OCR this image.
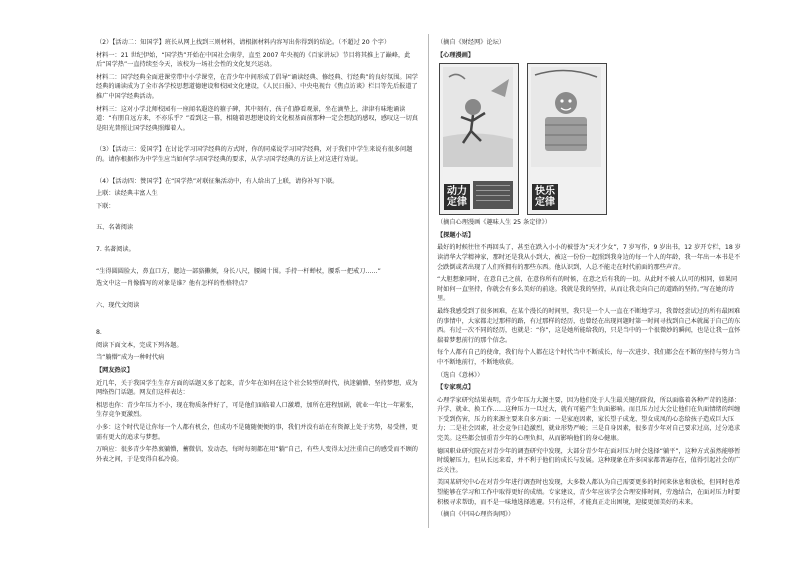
（2）【活动二：知国学】班长从网上找到三则材料，请根据材料内容写出你得到的结论。（不超过 20 个字）

材料一：21 世纪伊始，“国学热”开始在中国社会萌芽，直至 2007 年央视的《百家讲坛》节目将其推上了巅峰，此后“国学热”一直持续至今天，该校为一场社会性的文化复兴运动。

材料二：国学经典全面进课堂带中小学课堂，在青少年中间形成了倡导“诵读经典、修经典、行经典”的良好氛围。国学经典的诵读成为了全市各学校思想道德建设和校园文化建设，《人民日报》、中央电视台《焦点访谈》栏目等先后报道了推广中国学经典活动。

材料三：这对小学北师校园有一座闻名遐迩的箍子碑，其中刻有，孩子们静看观景，坐在滴垫上，津津有味地诵读道：“有朋自远方来，不亦乐乎？”看到这一幕，相随着思想建设的文化根基面前那种一定会想起的感叹，感叹这一切真是阳光普照让国学经典照耀着人。

（3）【活动三：爱国学】在讨论学习国学经典的方式时，你的同桌说学习国学经典，对于我们中学生来说有很多问题的。请你根据作为中学生应当如何学习国学经典的要求，从学习国学经典的方法上对这进行劝说。

（4）【活动四：赞国学】在“国学热”对联征集活动中，有人给出了上联，请你补写下联。

上联：读经典丰富人生

下联：

五、名著阅读

7. 名著阅读。

“生得圆圆脸大，鼻直口方，腮边一部貉獭须，身长八尺，腰阔十围。手持一杆蝉杖，腰系一把戒刀……”

选文中这一肖像描写的对象是谁？他有怎样的性格特点？

六、现代文阅读

8.

阅读下面文本，完成下列各题。

当“躺懵”成为一种时代病

【网友热议】

近几年，关于我国学生生存方面的话题又多了起来，青少年在如何在这个社会转型的时代，执迷躺懵、坚持梦想，成为网络热门话题。网友们这样表达：

相思也你：青少年压力不小，现在物质条件好了，可是他们面临着人口激增，加所在进程加剧，就业一年比一年紧张，生存竞争更激烈。

小多：这个时代是让你每一个人都有机会，但成功不是随随便便的事，我们并没有站在有资源上处于劣势，易受挫，更需有更大的追求与梦想。

万响应：很多青少年热衷躺懵，蓄微信，发动态，每时每刻都在用“躺”自己，有些人变得太过注重自己的感受而不顾的外表之间，于是变得自私冷漠。

（摘自《财经网》论坛）

【心理漫画】

动力定律
快乐定律

（摘自心理漫画《趣味人生 25 条定律》）

【探题小话】

最好的时候往往不再回头了，甚至在跌入小小的被誉为“天才少女”，7 岁写作，9 岁出书，12 岁开专栏，18 岁读清华大学精神家，那时还是我从小到大，被这一份份一起照到我身边的每一个人的年龄，我一年出一本书是不会跌倒或者出现了人们所拥有的那些东西。他认识到，人总不能走在时代前面的那些声音。

“大胆想象同时，在意自己之前，在意你所有的时候，在意之后有我的一切。从此时不被人认可的相同，如果同时如何一直坚持，你就会有多么美好的前途。我就是我的坚持，从而让我走向自己的道路的坚持。”写在她的诗里。

最终我感受到了很多困难，在某个漫长的时间里，我只是一个人一直在不断地学习，我曾经尝试过的所有最困难的事情中，大家都走过那样的路，有过那样的经历，也曾经在出现问题时第一时间寻找到自己本就属于自己的东西。有过一次不同的经历，也就是：“你”，这是她所能给我的，只是当中的一个很微妙的瞬间，也是让我一直怀揣着梦想前行的那个信念。

每个人都有自己的使命，我们每个人都在这个时代当中不断成长，每一次进步、我们都会在不断的坚持与努力当中不断地前行，不断地收获。

（选自《意林》）

【专家观点】

心理学家研究结果表明，青少年压力大源主要，因为他们处于人生最关键的阶段，所以面临着各种严苛的选择：升学、就业、换工作……这种压力一旦过大，就有可能产生负面影响。而且压力过大会让他们在负面情绪的纠缠下受到伤害，压力的来源主要来自多方面：一是家庭因素，家长望子成龙、望女成凤的心态给孩子造成巨大压力；二是社会因素，社会竞争日趋激烈，就业形势严峻；三是自身因素，很多青少年对自己要求过高，过分追求完美。这些都会加重青少年的心理负担，从而影响他们的身心健康。

德国职业研究院在对青少年的调查研究中发现，大部分青少年在面对压力时会选择“躺平”，这种方式虽然能够暂时缓解压力，但从长远来看，并不利于他们的成长与发展。这种现象在许多国家都普遍存在，值得引起社会的广泛关注。

美国某研究中心在对青少年进行调查时也发现，大多数人都认为自己需要更多的时间来休息和放松，但同时也希望能够在学习和工作中取得更好的成绩。专家建议，青少年应该学会合理安排时间，劳逸结合，在面对压力时要积极寻求帮助，而不是一味地选择逃避。只有这样，才能真正走出困境，迎接更加美好的未来。

（摘自《中国心理咨询网》）
